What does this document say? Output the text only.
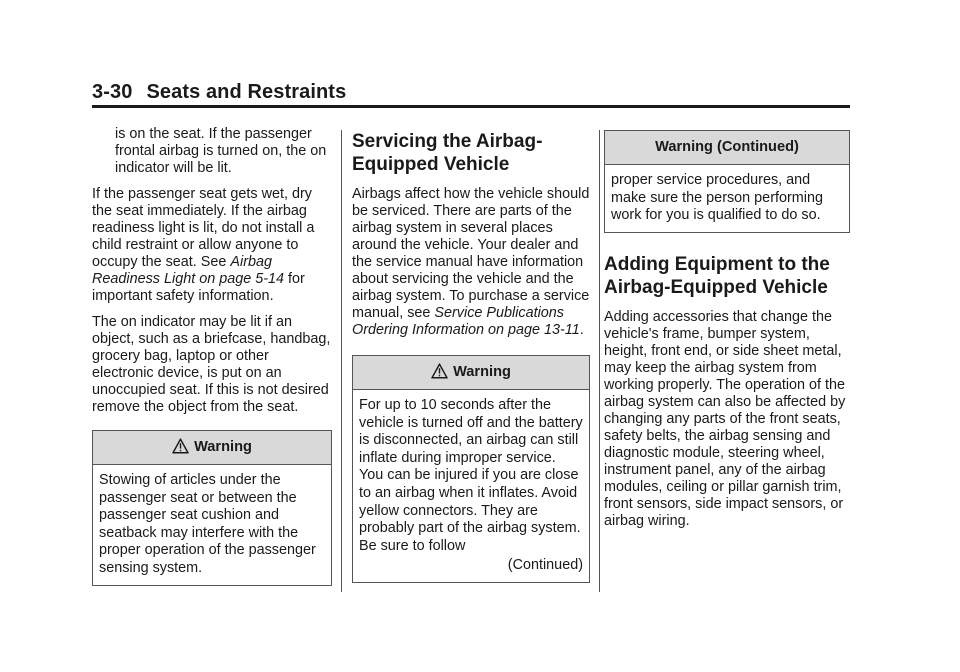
3-30 Seats and Restraints

is on the seat. If the passenger frontal airbag is turned on, the on indicator will be lit.

If the passenger seat gets wet, dry the seat immediately. If the airbag readiness light is lit, do not install a child restraint or allow anyone to occupy the seat. See Airbag Readiness Light on page 5-14 for important safety information.

The on indicator may be lit if an object, such as a briefcase, handbag, grocery bag, laptop or other electronic device, is put on an unoccupied seat. If this is not desired remove the object from the seat.

Warning
Stowing of articles under the passenger seat or between the passenger seat cushion and seatback may interfere with the proper operation of the passenger sensing system.
Servicing the Airbag-Equipped Vehicle

Airbags affect how the vehicle should be serviced. There are parts of the airbag system in several places around the vehicle. Your dealer and the service manual have information about servicing the vehicle and the airbag system. To purchase a service manual, see Service Publications Ordering Information on page 13-11.

Warning
For up to 10 seconds after the vehicle is turned off and the battery is disconnected, an airbag can still inflate during improper service. You can be injured if you are close to an airbag when it inflates. Avoid yellow connectors. They are probably part of the airbag system. Be sure to follow
(Continued)
Warning (Continued)
proper service procedures, and make sure the person performing work for you is qualified to do so.
Adding Equipment to the Airbag-Equipped Vehicle

Adding accessories that change the vehicle's frame, bumper system, height, front end, or side sheet metal, may keep the airbag system from working properly. The operation of the airbag system can also be affected by changing any parts of the front seats, safety belts, the airbag sensing and diagnostic module, steering wheel, instrument panel, any of the airbag modules, ceiling or pillar garnish trim, front sensors, side impact sensors, or airbag wiring.
